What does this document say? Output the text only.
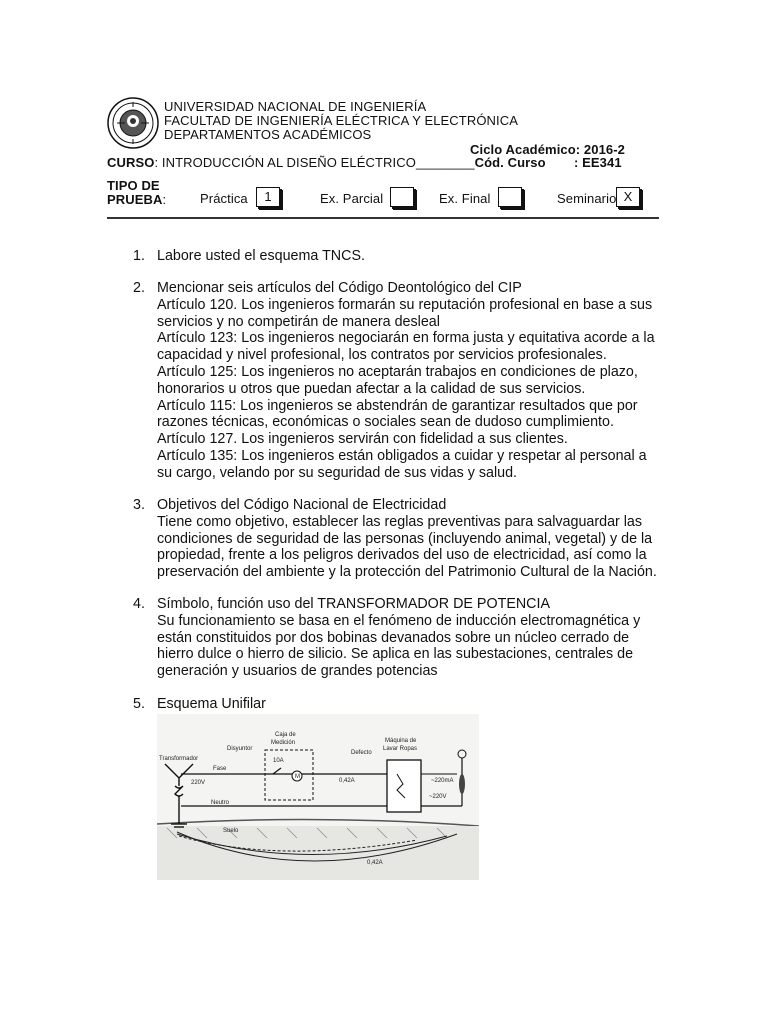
UNIVERSIDAD NACIONAL DE INGENIERÍA
FACULTAD DE INGENIERÍA ELÉCTRICA Y ELECTRÓNICA
DEPARTAMENTOS ACADÉMICOS
Ciclo Académico: 2016-2
CURSO: INTRODUCCIÓN AL DISEÑO ELÉCTRICO________Cód. Curso : EE341
TIPO DE
PRUEBA:	Práctica	1	Ex. Parcial	Ex. Final	Seminario X
1. Labore usted el esquema TNCS.
2. Mencionar seis artículos del Código Deontológico del CIP
Artículo 120. Los ingenieros formarán su reputación profesional en base a sus
servicios y no competirán de manera desleal
Artículo 123: Los ingenieros negociarán en forma justa y equitativa acorde a la
capacidad y nivel profesional, los contratos por servicios profesionales.
Artículo 125: Los ingenieros no aceptarán trabajos en condiciones de plazo,
honorarios u otros que puedan afectar a la calidad de sus servicios.
Artículo 115: Los ingenieros se abstendrán de garantizar resultados que por
razones técnicas, económicas o sociales sean de dudoso cumplimiento.
Artículo 127. Los ingenieros servirán con fidelidad a sus clientes.
Artículo 135: Los ingenieros están obligados a cuidar y respetar al personal a
su cargo, velando por su seguridad de sus vidas y salud.
3. Objetivos del Código Nacional de Electricidad
Tiene como objetivo, establecer las reglas preventivas para salvaguardar las
condiciones de seguridad de las personas (incluyendo animal, vegetal) y de la
propiedad, frente a los peligros derivados del uso de electricidad, así como la
preservación del ambiente y la protección del Patrimonio Cultural de la Nación.
4. Símbolo, función uso del TRANSFORMADOR DE POTENCIA
Su funcionamiento se basa en el fenómeno de inducción electromagnética y
están constituidos por dos bobinas devanados sobre un núcleo cerrado de
hierro dulce o hierro de silicio. Se aplica en las subestaciones, centrales de
generación y usuarios de grandes potencias
5. Esquema Unifilar
Transformador
Disyuntor
Caja de
Medición
Defecto
Máquina de
Lavar Ropas
Fase
Neutro
Suelo
220V
10A
M
0,42A	~220mA
~220V
0,42A
